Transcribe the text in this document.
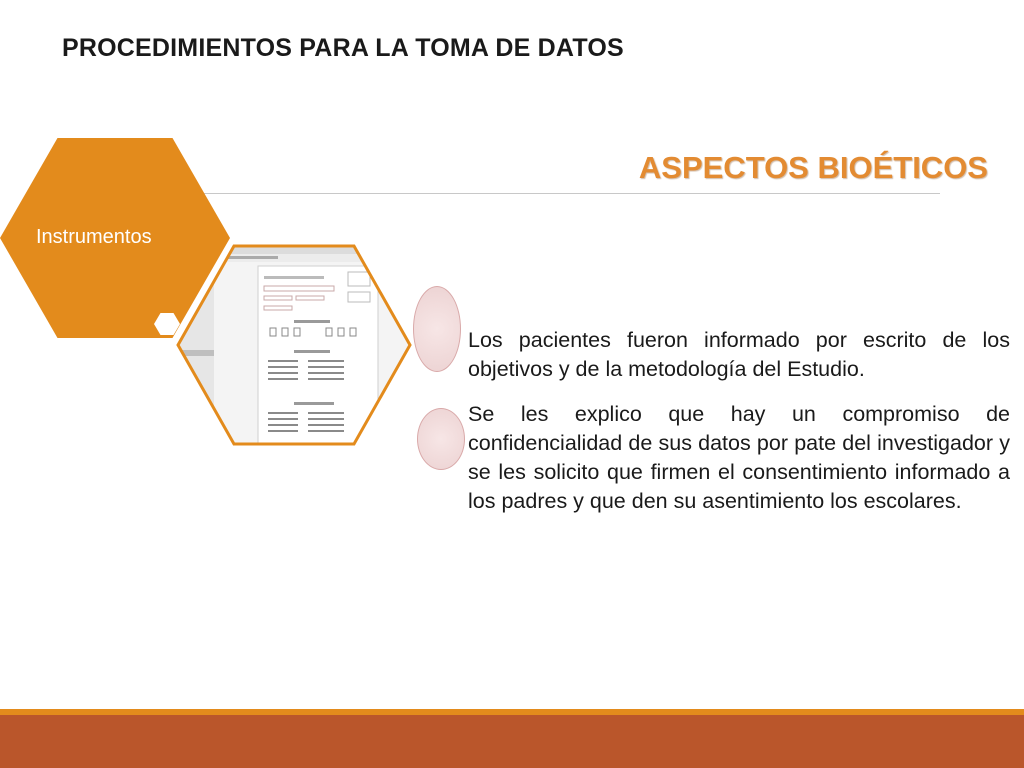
PROCEDIMIENTOS PARA LA TOMA DE DATOS
ASPECTOS BIOÉTICOS
Instrumentos

Los pacientes fueron informado por escrito de los objetivos y de la metodología del Estudio.

Se les explico que hay un compromiso de confidencialidad de sus datos por pate del investigador y se les solicito que firmen el consentimiento informado a los padres y que den su asentimiento los escolares.
